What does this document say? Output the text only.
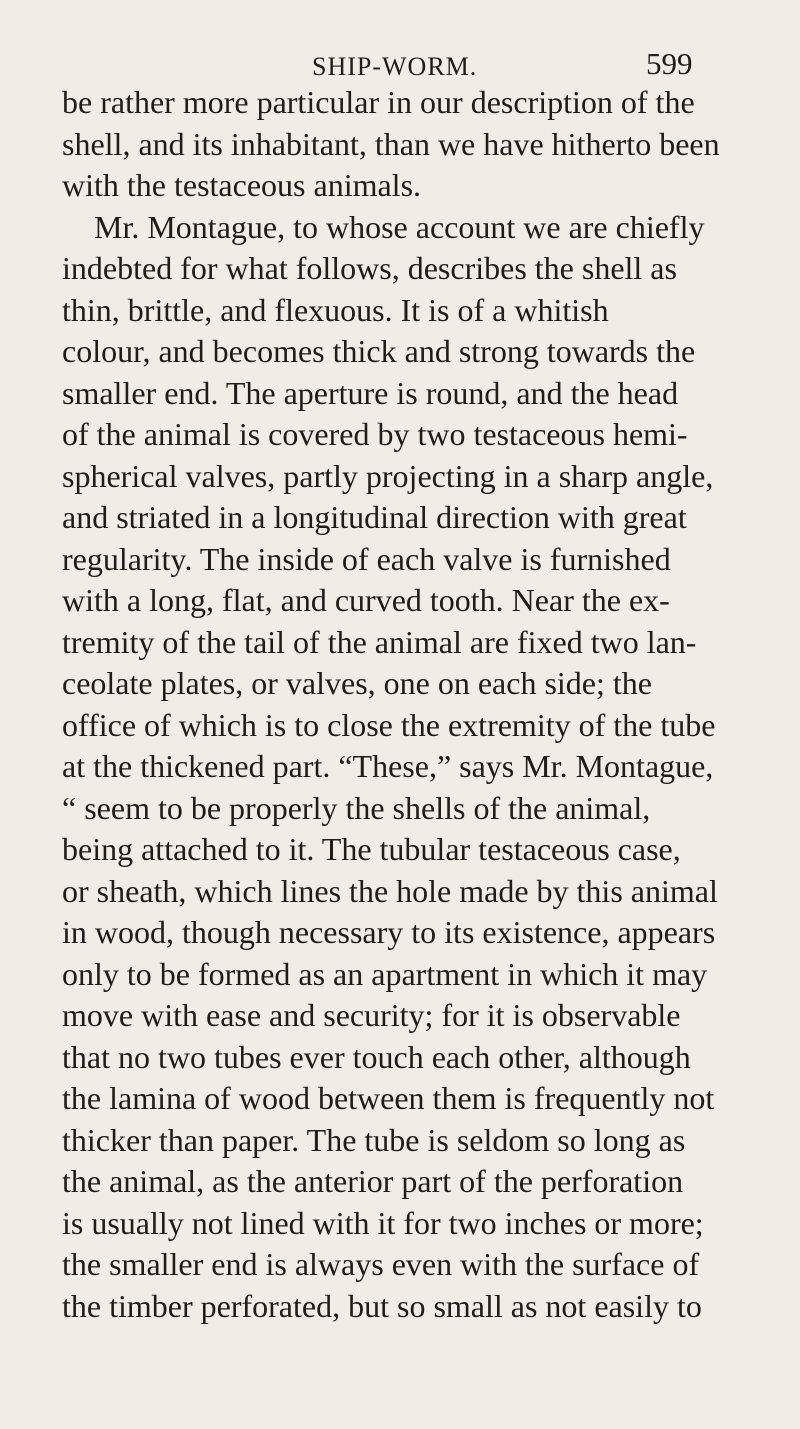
SHIP-WORM.	599
be rather more particular in our description of the
shell, and its inhabitant, than we have hitherto been
with the testaceous animals.
Mr. Montague, to whose account we are chiefly
indebted for what follows, describes the shell as
thin, brittle, and flexuous. It is of a whitish
colour, and becomes thick and strong towards the
smaller end. The aperture is round, and the head
of the animal is covered by two testaceous hemi-
spherical valves, partly projecting in a sharp angle,
and striated in a longitudinal direction with great
regularity. The inside of each valve is furnished
with a long, flat, and curved tooth. Near the ex-
tremity of the tail of the animal are fixed two lan-
ceolate plates, or valves, one on each side; the
office of which is to close the extremity of the tube
at the thickened part. “These,” says Mr. Montague,
“ seem to be properly the shells of the animal,
being attached to it. The tubular testaceous case,
or sheath, which lines the hole made by this animal
in wood, though necessary to its existence, appears
only to be formed as an apartment in which it may
move with ease and security; for it is observable
that no two tubes ever touch each other, although
the lamina of wood between them is frequently not
thicker than paper. The tube is seldom so long as
the animal, as the anterior part of the perforation
is usually not lined with it for two inches or more;
the smaller end is always even with the surface of
the timber perforated, but so small as not easily to
